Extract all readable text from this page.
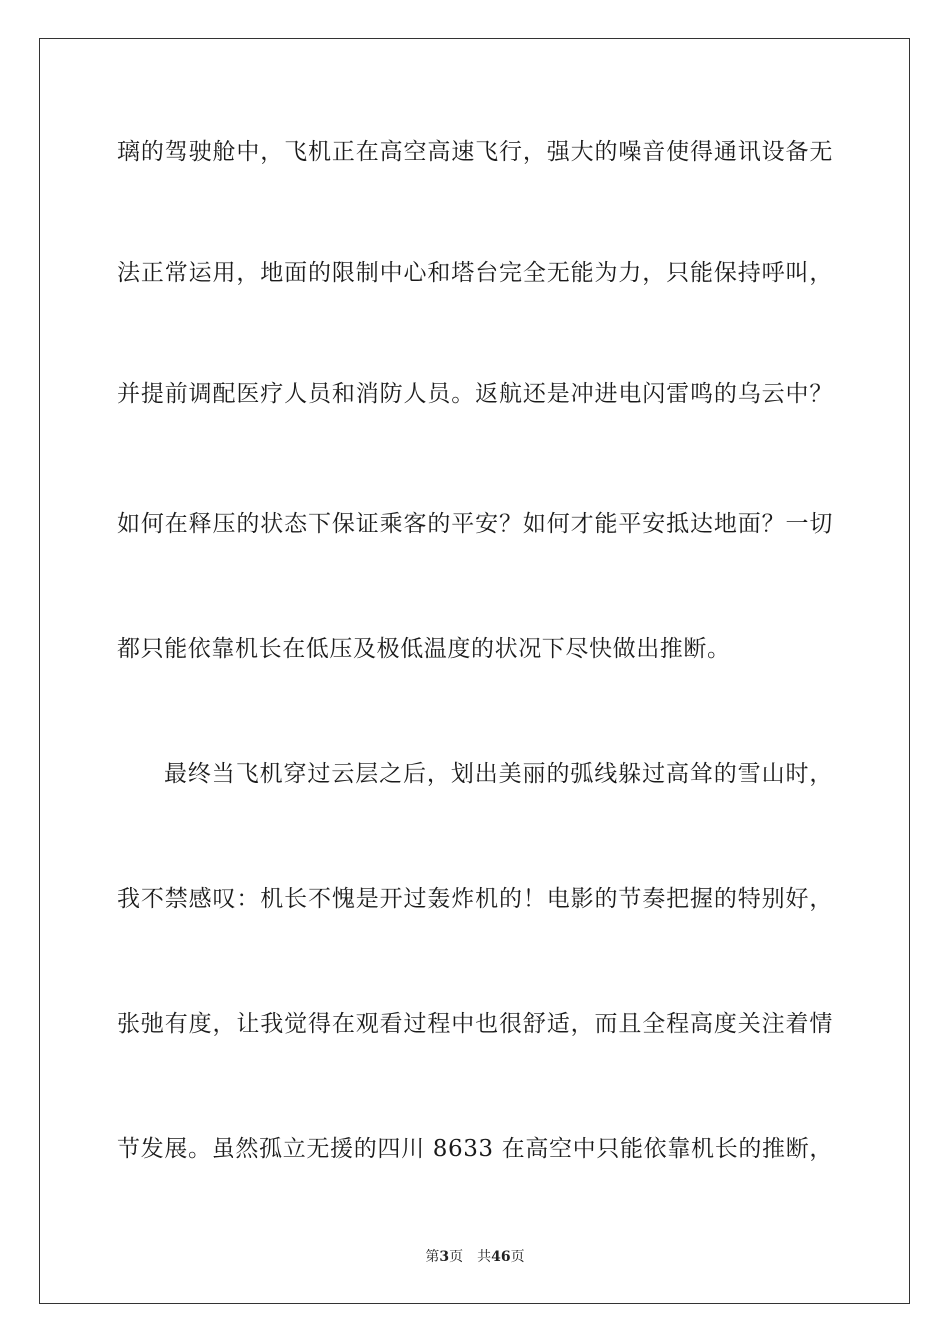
璃的驾驶舱中，飞机正在高空高速飞行，强大的噪音使得通讯设备无
法正常运用，地面的限制中心和塔台完全无能为力，只能保持呼叫，
并提前调配医疗人员和消防人员。返航还是冲进电闪雷鸣的乌云中？
如何在释压的状态下保证乘客的平安？如何才能平安抵达地面？一切
都只能依靠机长在低压及极低温度的状况下尽快做出推断。
最终当飞机穿过云层之后，划出美丽的弧线躲过高耸的雪山时，
我不禁感叹：机长不愧是开过轰炸机的！电影的节奏把握的特别好，
张弛有度，让我觉得在观看过程中也很舒适，而且全程高度关注着情
节发展。虽然孤立无援的四川 8633 在高空中只能依靠机长的推断，
第3页 共46页
